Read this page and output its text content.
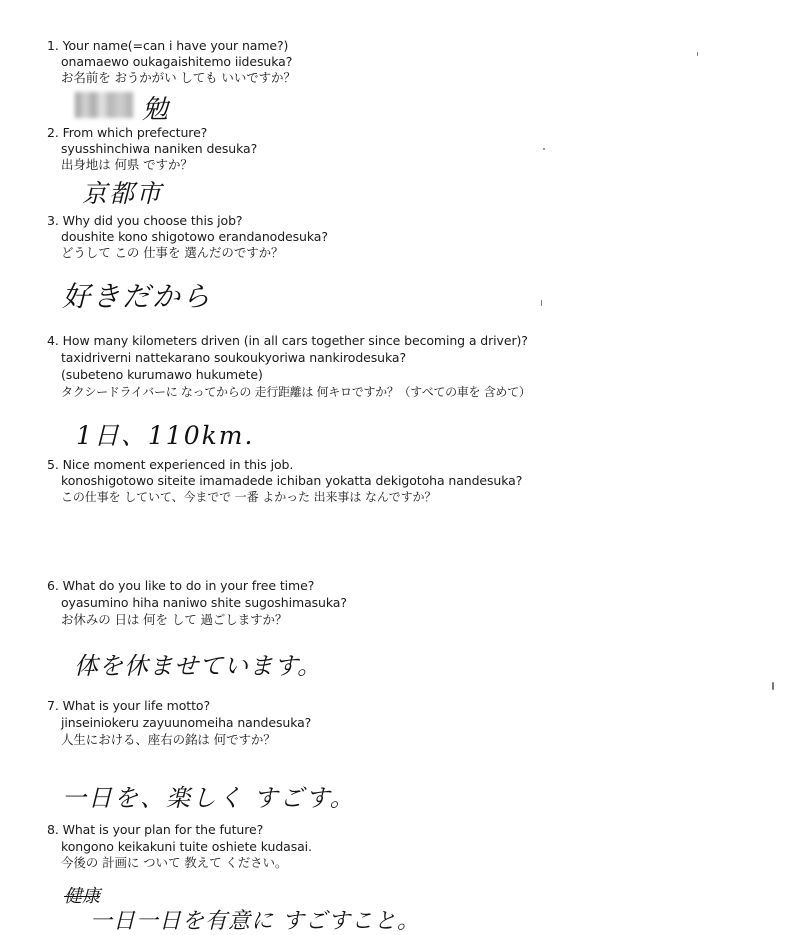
1. Your name(=can i have your name?)
onamaewo oukagaishitemo iidesuka?
お名前を おうかがい しても いいですか？
勉
2. From which prefecture?
syusshinchiwa naniken desuka?
出身地は 何県 ですか？
京都市
3. Why did you choose this job?
doushite kono shigotowo erandanodesuka?
どうして この 仕事を 選んだのですか？
好きだから
4. How many kilometers driven (in all cars together since becoming a driver)?
taxidriverni nattekarano soukoukyoriwa nankirodesuka?
(subeteno kurumawo hukumete)
タクシードライバーに なってからの 走行距離は 何キロですか？（すべての車を 含めて）
1日、110km.
5. Nice moment experienced in this job.
konoshigotowo siteite imamadede ichiban yokatta dekigotoha nandesuka?
この仕事を していて、今までで 一番 よかった 出来事は なんですか？
6. What do you like to do in your free time?
oyasumino hiha naniwo shite sugoshimasuka?
お休みの 日は 何を して 過ごしますか？
体を休ませています。
7. What is your life motto?
jinseiniokeru zayuunomeiha nandesuka?
人生における、座右の銘は 何ですか？
一日を、楽しく すごす。
8. What is your plan for the future?
kongono keikakuni tuite oshiete kudasai.
今後の 計画に ついて 教えて ください。
健康
一日一日を有意に すごすこと。
